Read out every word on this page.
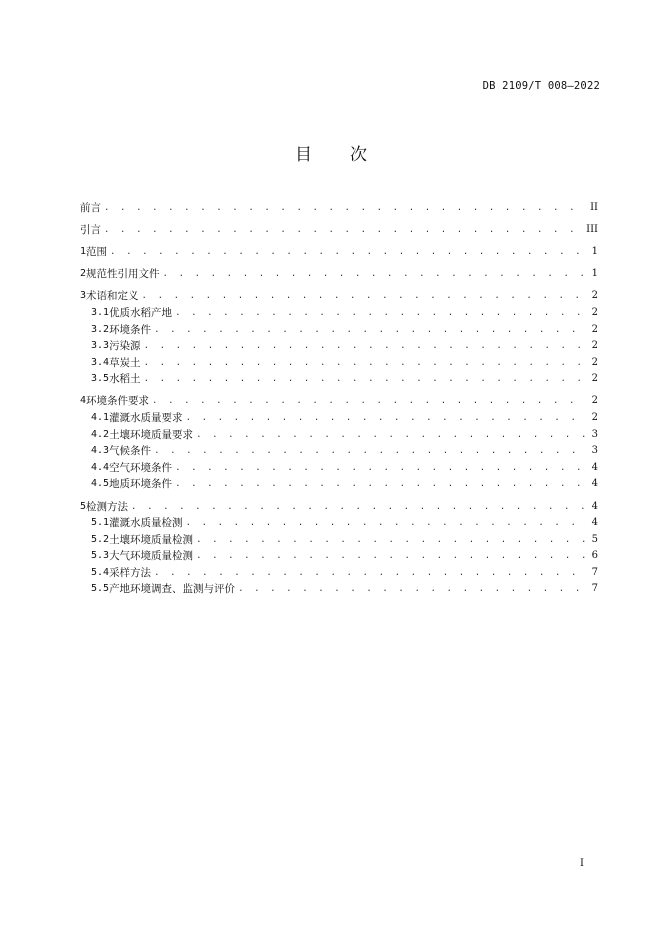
DB 2109/T 008—2022
目 次
前言 . . .	II
引言 . . .	III
1 范围 . . .	1
2 规范性引用文件 . . .	1
3 术语和定义 . . .	2
3.1 优质水稻产地 . . .	2
3.2 环境条件 . . .	2
3.3 污染源 . . .	2
3.4 草炭土 . . .	2
3.5 水稻土 . . .	2
4 环境条件要求 . . .	2
4.1 灌溉水质量要求 . . .	2
4.2 土壤环境质量要求 . . .	3
4.3 气候条件 . . .	3
4.4 空气环境条件 . . .	4
4.5 地质环境条件 . . .	4
5 检测方法 . . .	4
5.1 灌溉水质量检测 . . .	4
5.2 土壤环境质量检测 . . .	5
5.3 大气环境质量检测 . . .	6
5.4 采样方法 . . .	7
5.5 产地环境调查、监测与评价 . . .	7
I
